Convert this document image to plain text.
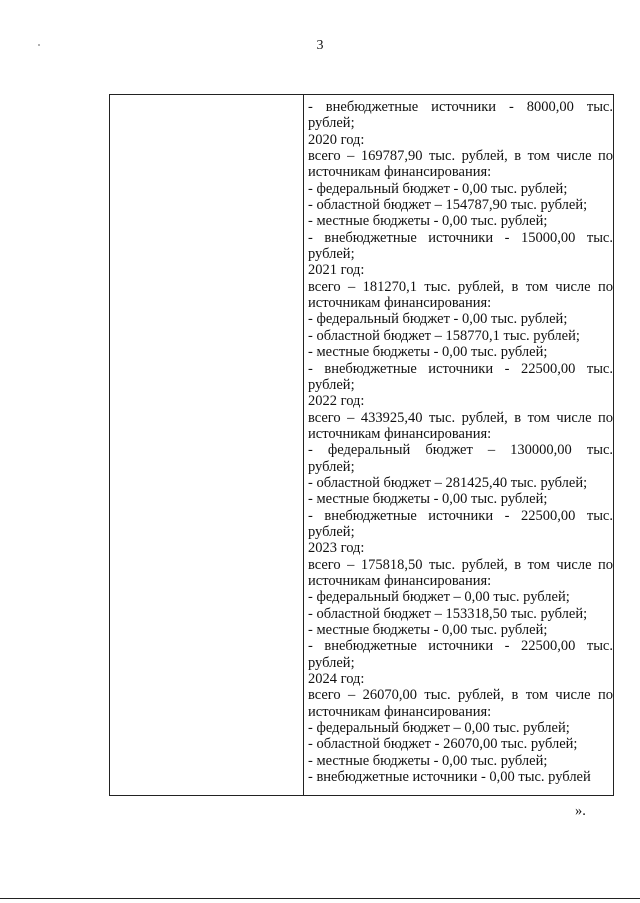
3
- внебюджетные источники - 8000,00 тыс.
рублей;
2020 год:
всего – 169787,90 тыс. рублей, в том числе по
источникам финансирования:
- федеральный бюджет - 0,00 тыс. рублей;
- областной бюджет – 154787,90 тыс. рублей;
- местные бюджеты - 0,00 тыс. рублей;
- внебюджетные источники - 15000,00 тыс.
рублей;
2021 год:
всего – 181270,1 тыс. рублей, в том числе по
источникам финансирования:
- федеральный бюджет - 0,00 тыс. рублей;
- областной бюджет – 158770,1 тыс. рублей;
- местные бюджеты - 0,00 тыс. рублей;
- внебюджетные источники - 22500,00 тыс.
рублей;
2022 год:
всего – 433925,40 тыс. рублей, в том числе по
источникам финансирования:
- федеральный бюджет – 130000,00 тыс.
рублей;
- областной бюджет – 281425,40 тыс. рублей;
- местные бюджеты - 0,00 тыс. рублей;
- внебюджетные источники - 22500,00 тыс.
рублей;
2023 год:
всего – 175818,50 тыс. рублей, в том числе по
источникам финансирования:
- федеральный бюджет – 0,00 тыс. рублей;
- областной бюджет – 153318,50 тыс. рублей;
- местные бюджеты - 0,00 тыс. рублей;
- внебюджетные источники - 22500,00 тыс.
рублей;
2024 год:
всего – 26070,00 тыс. рублей, в том числе по
источникам финансирования:
- федеральный бюджет – 0,00 тыс. рублей;
- областной бюджет - 26070,00 тыс. рублей;
- местные бюджеты - 0,00 тыс. рублей;
- внебюджетные источники - 0,00 тыс. рублей
».
